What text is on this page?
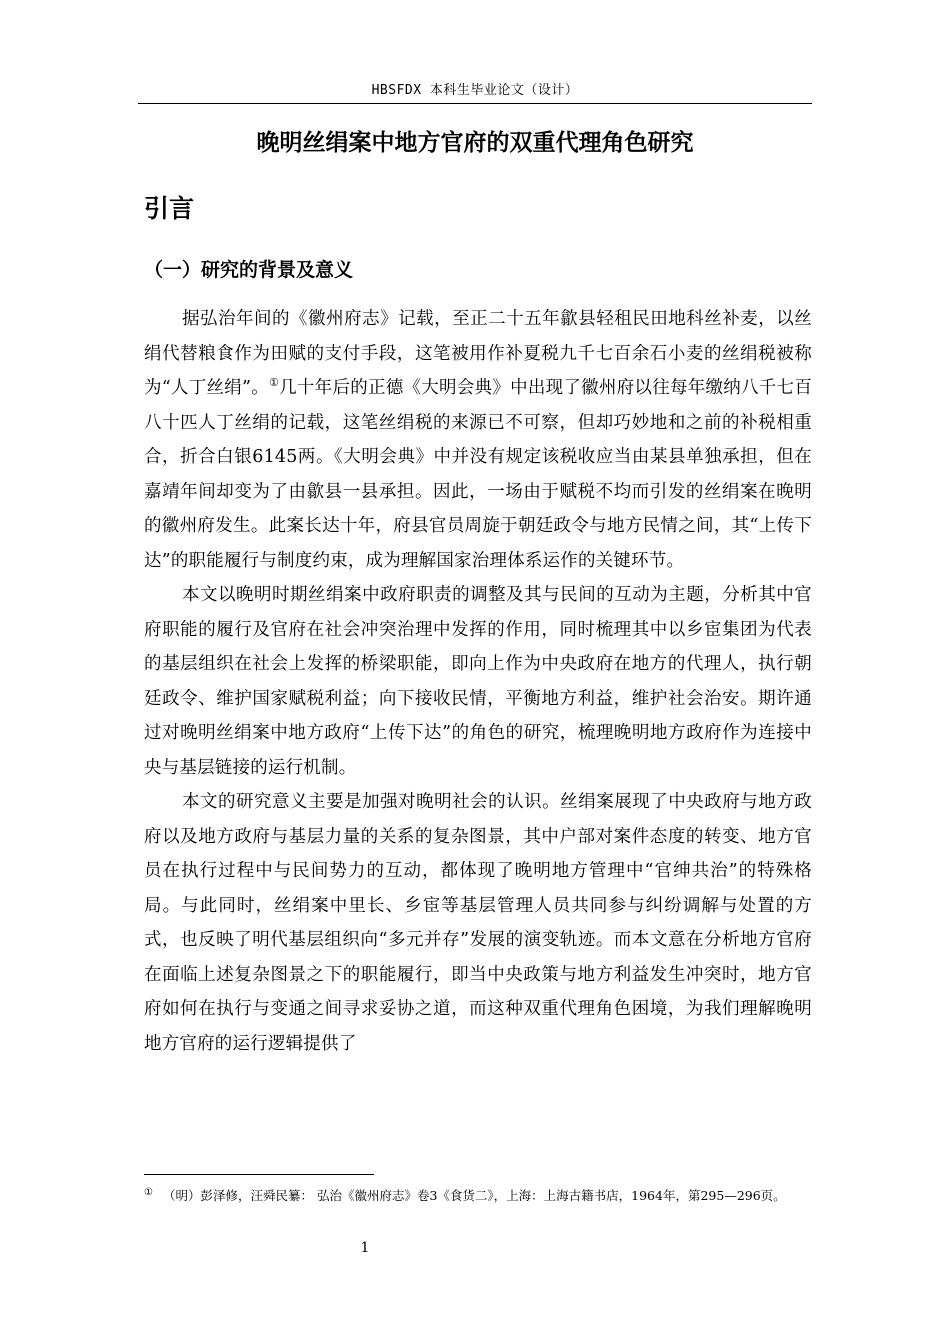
HBSFDX 本科生毕业论文（设计）
晚明丝绢案中地方官府的双重代理角色研究
引言
（一）研究的背景及意义

据弘治年间的《徽州府志》记载，至正二十五年歙县轻租民田地科丝补麦，以丝绢代替粮食作为田赋的支付手段，这笔被用作补夏税九千七百余石小麦的丝绢税被称为“人丁丝绢”。①几十年后的正德《大明会典》中出现了徽州府以往每年缴纳八千七百八十匹人丁丝绢的记载，这笔丝绢税的来源已不可察，但却巧妙地和之前的补税相重合，折合白银6145两。《大明会典》中并没有规定该税收应当由某县单独承担，但在嘉靖年间却变为了由歙县一县承担。因此，一场由于赋税不均而引发的丝绢案在晚明的徽州府发生。此案长达十年，府县官员周旋于朝廷政令与地方民情之间，其“上传下达”的职能履行与制度约束，成为理解国家治理体系运作的关键环节。

本文以晚明时期丝绢案中政府职责的调整及其与民间的互动为主题，分析其中官府职能的履行及官府在社会冲突治理中发挥的作用，同时梳理其中以乡宦集团为代表的基层组织在社会上发挥的桥梁职能，即向上作为中央政府在地方的代理人，执行朝廷政令、维护国家赋税利益；向下接收民情，平衡地方利益，维护社会治安。期许通过对晚明丝绢案中地方政府“上传下达”的角色的研究，梳理晚明地方政府作为连接中央与基层链接的运行机制。

本文的研究意义主要是加强对晚明社会的认识。丝绢案展现了中央政府与地方政府以及地方政府与基层力量的关系的复杂图景，其中户部对案件态度的转变、地方官员在执行过程中与民间势力的互动，都体现了晚明地方管理中“官绅共治”的特殊格局。与此同时，丝绢案中里长、乡宦等基层管理人员共同参与纠纷调解与处置的方式，也反映了明代基层组织向“多元并存”发展的演变轨迹。而本文意在分析地方官府在面临上述复杂图景之下的职能履行，即当中央政策与地方利益发生冲突时，地方官府如何在执行与变通之间寻求妥协之道，而这种双重代理角色困境，为我们理解晚明地方官府的运行逻辑提供了

① （明）彭泽修，汪舜民纂： 弘治《徽州府志》卷3《食货二》，上海：上海古籍书店，1964年，第295—296页。
1
